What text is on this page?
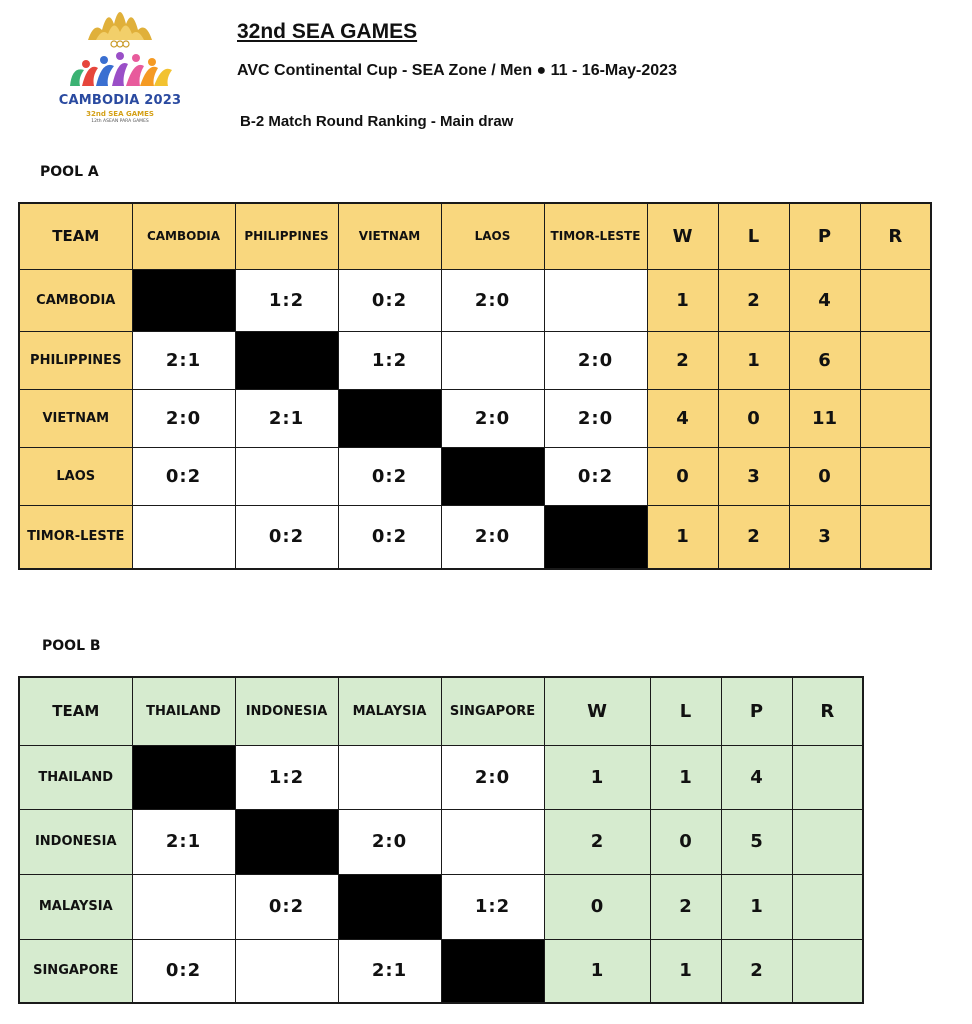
CAMBODIA 2023
32nd SEA GAMES
12th ASEAN PARA GAMES
32nd SEA GAMES
AVC Continental Cup - SEA Zone / Men ● 11 - 16-May-2023
B-2 Match Round Ranking - Main draw
POOL A
TEAM	CAMBODIA	PHILIPPINES	VIETNAM	LAOS	TIMOR-LESTE	W	L	P	R
CAMBODIA		1:2	0:2	2:0		1	2	4	
PHILIPPINES	2:1		1:2		2:0	2	1	6	
VIETNAM	2:0	2:1		2:0	2:0	4	0	11	
LAOS	0:2		0:2		0:2	0	3	0	
TIMOR-LESTE		0:2	0:2	2:0		1	2	3	
POOL B
TEAM	THAILAND	INDONESIA	MALAYSIA	SINGAPORE	W	L	P	R
THAILAND		1:2		2:0	1	1	4	
INDONESIA	2:1		2:0		2	0	5	
MALAYSIA		0:2		1:2	0	2	1	
SINGAPORE	0:2		2:1		1	1	2	
